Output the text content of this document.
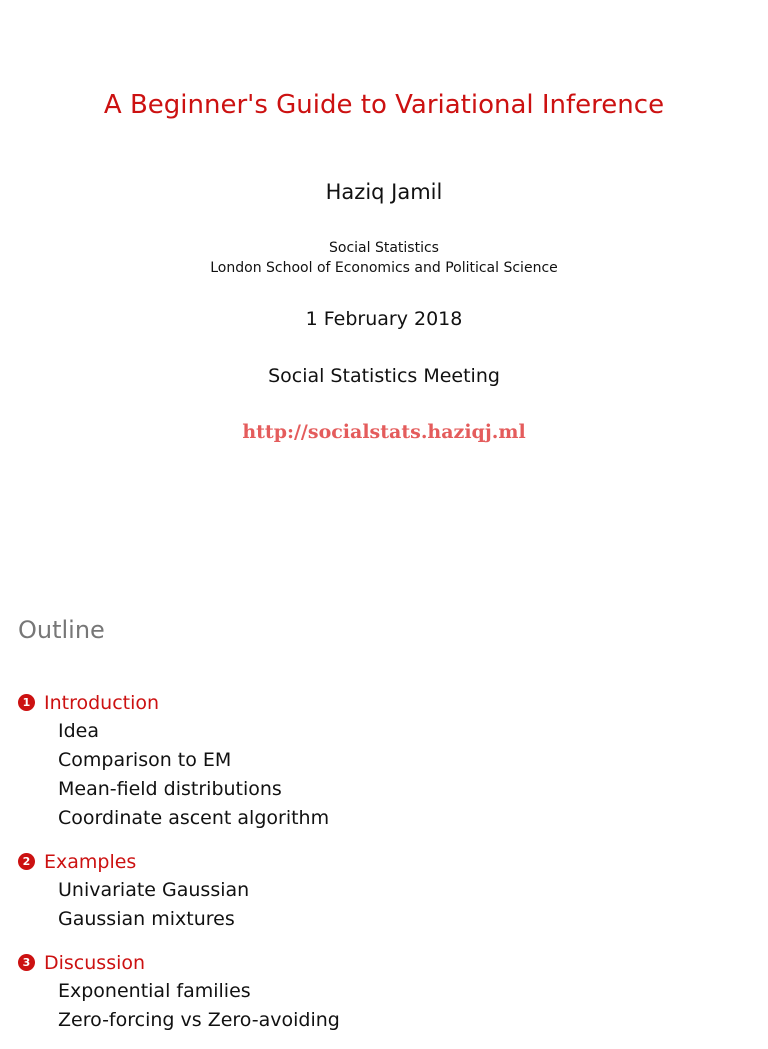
A Beginner's Guide to Variational Inference
Haziq Jamil
Social Statistics
London School of Economics and Political Science
1 February 2018
Social Statistics Meeting
http://socialstats.haziqj.ml
Outline
1 Introduction
Idea
Comparison to EM
Mean-field distributions
Coordinate ascent algorithm
2 Examples
Univariate Gaussian
Gaussian mixtures
3 Discussion
Exponential families
Zero-forcing vs Zero-avoiding
